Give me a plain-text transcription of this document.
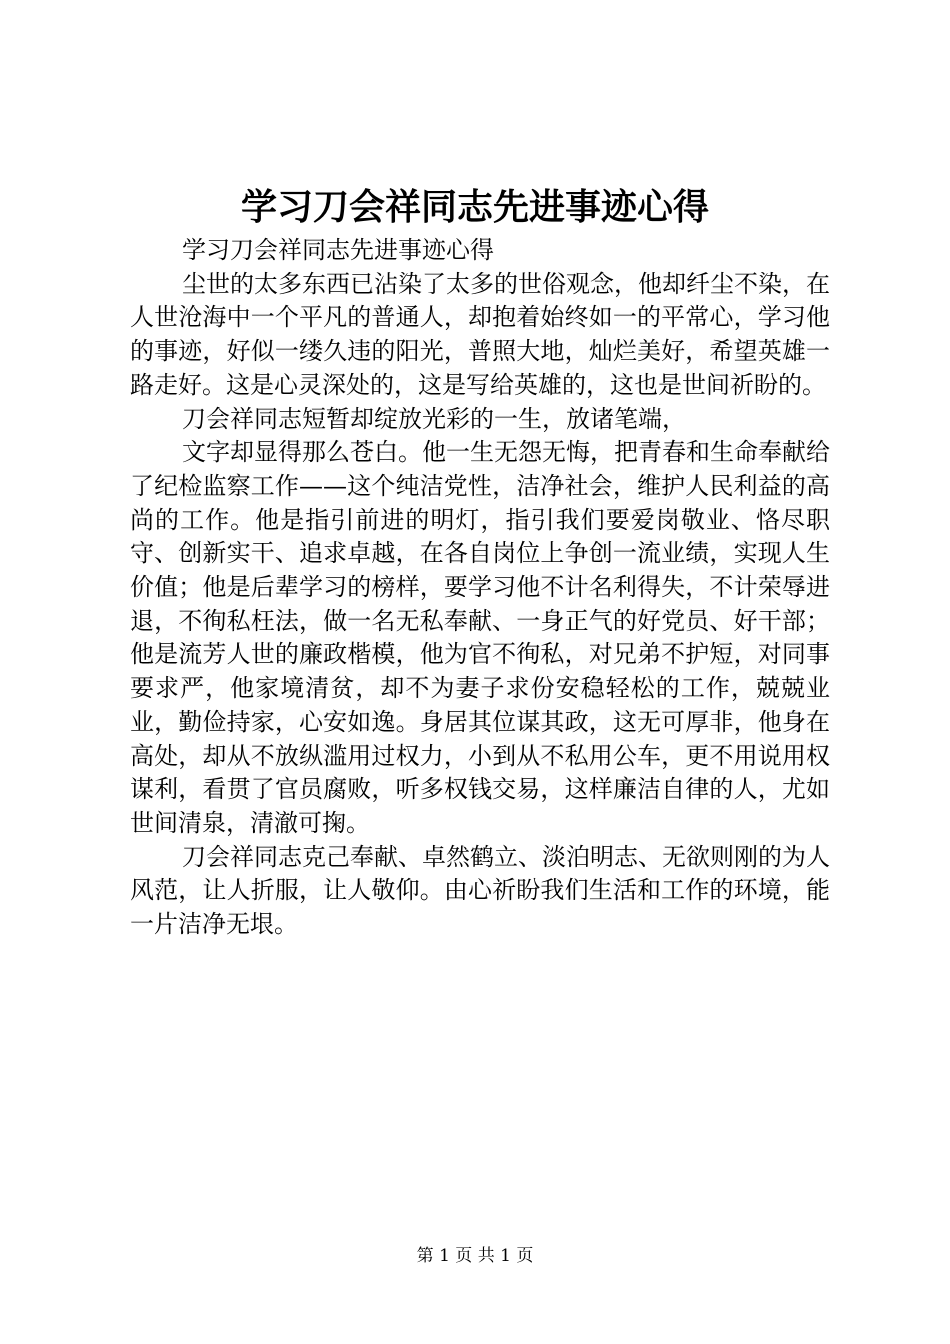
学习刀会祥同志先进事迹心得

学习刀会祥同志先进事迹心得

尘世的太多东西已沾染了太多的世俗观念，他却纤尘不染，在人世沧海中一个平凡的普通人，却抱着始终如一的平常心，学习他的事迹，好似一缕久违的阳光，普照大地，灿烂美好，希望英雄一路走好。这是心灵深处的，这是写给英雄的，这也是世间祈盼的。

刀会祥同志短暂却绽放光彩的一生，放诸笔端，

文字却显得那么苍白。他一生无怨无悔，把青春和生命奉献给了纪检监察工作——这个纯洁党性，洁净社会，维护人民利益的高尚的工作。他是指引前进的明灯，指引我们要爱岗敬业、恪尽职守、创新实干、追求卓越，在各自岗位上争创一流业绩，实现人生价值；他是后辈学习的榜样，要学习他不计名利得失，不计荣辱进退，不徇私枉法，做一名无私奉献、一身正气的好党员、好干部；他是流芳人世的廉政楷模，他为官不徇私，对兄弟不护短，对同事要求严，他家境清贫，却不为妻子求份安稳轻松的工作，兢兢业业，勤俭持家，心安如逸。身居其位谋其政，这无可厚非，他身在高处，却从不放纵滥用过权力，小到从不私用公车，更不用说用权谋利，看贯了官员腐败，听多权钱交易，这样廉洁自律的人，尤如世间清泉，清澈可掬。

刀会祥同志克己奉献、卓然鹤立、淡泊明志、无欲则刚的为人风范，让人折服，让人敬仰。由心祈盼我们生活和工作的环境，能一片洁净无垠。

第 1 页 共 1 页
